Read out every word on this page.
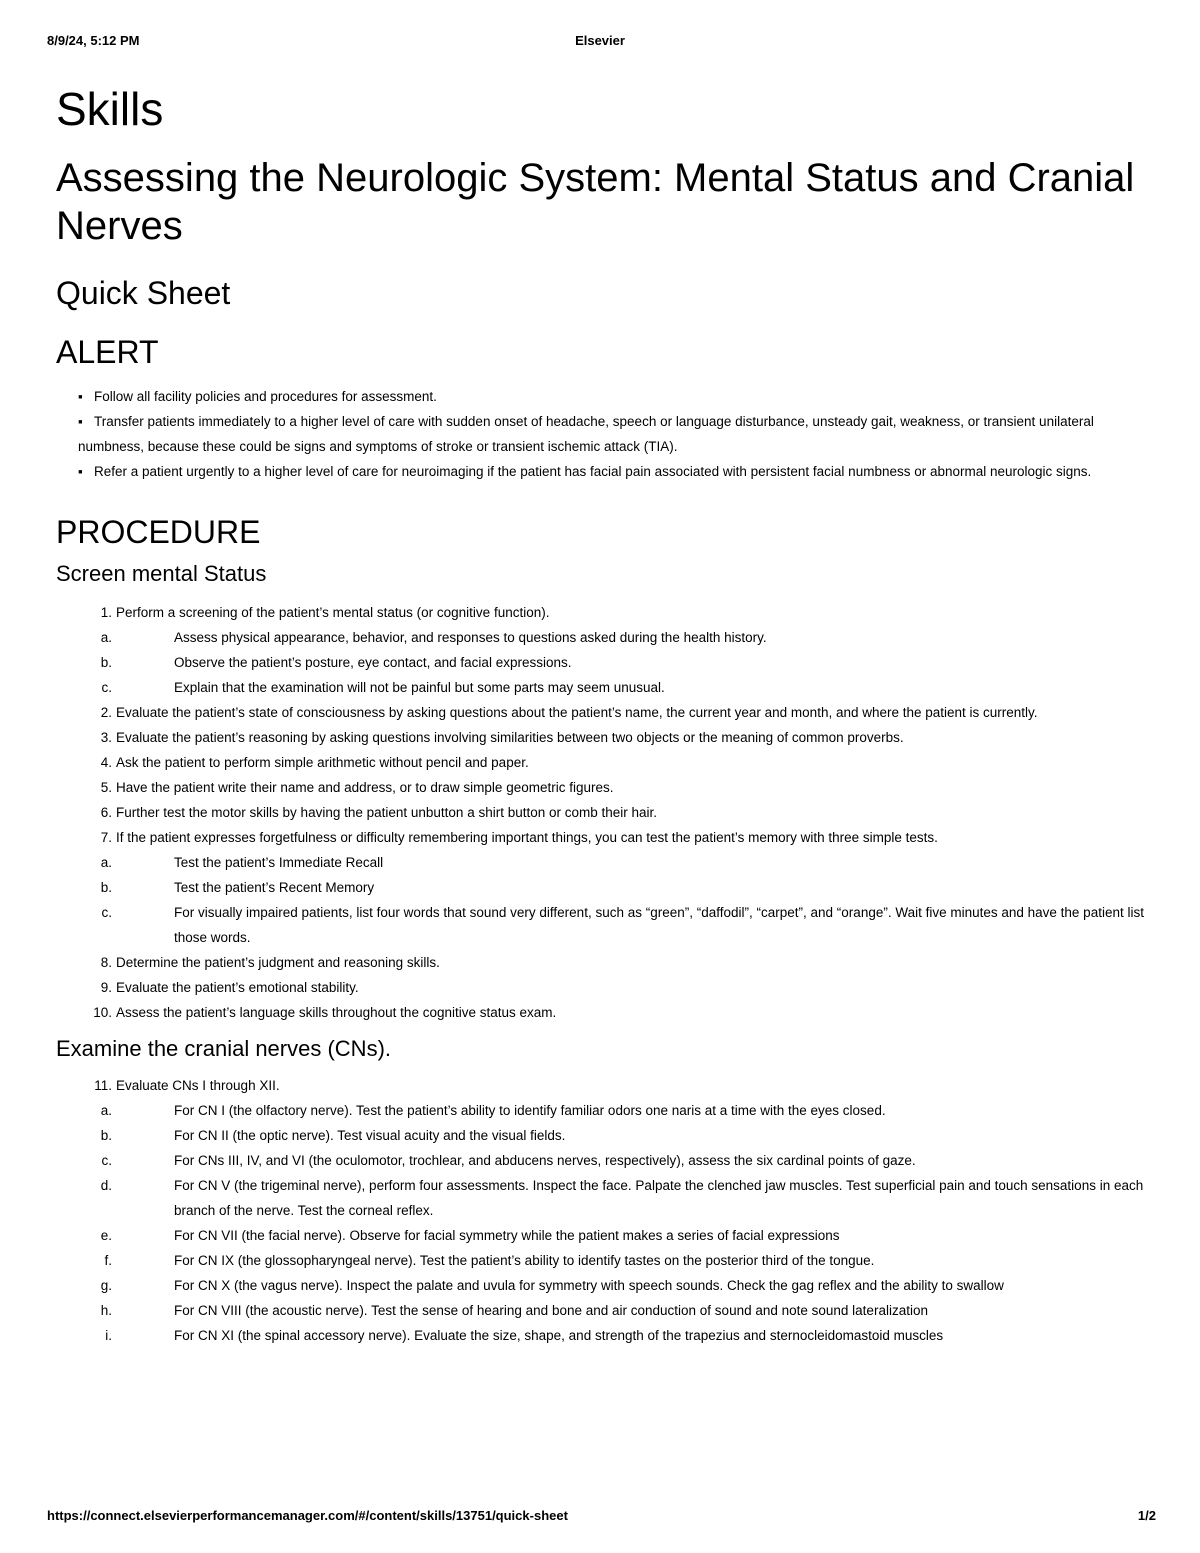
8/9/24, 5:12 PM	Elsevier
Skills
Assessing the Neurologic System: Mental Status and Cranial Nerves
Quick Sheet
ALERT
▪ Follow all facility policies and procedures for assessment.
▪ Transfer patients immediately to a higher level of care with sudden onset of headache, speech or language disturbance, unsteady gait, weakness, or transient unilateral numbness, because these could be signs and symptoms of stroke or transient ischemic attack (TIA).
▪ Refer a patient urgently to a higher level of care for neuroimaging if the patient has facial pain associated with persistent facial numbness or abnormal neurologic signs.
PROCEDURE
Screen mental Status
1. Perform a screening of the patient’s mental status (or cognitive function).
a.	Assess physical appearance, behavior, and responses to questions asked during the health history.
b.	Observe the patient’s posture, eye contact, and facial expressions.
c.	Explain that the examination will not be painful but some parts may seem unusual.
2. Evaluate the patient’s state of consciousness by asking questions about the patient’s name, the current year and month, and where the patient is currently.
3. Evaluate the patient’s reasoning by asking questions involving similarities between two objects or the meaning of common proverbs.
4. Ask the patient to perform simple arithmetic without pencil and paper.
5. Have the patient write their name and address, or to draw simple geometric figures.
6. Further test the motor skills by having the patient unbutton a shirt button or comb their hair.
7. If the patient expresses forgetfulness or difficulty remembering important things, you can test the patient’s memory with three simple tests.
a.	Test the patient’s Immediate Recall
b.	Test the patient’s Recent Memory
c.	For visually impaired patients, list four words that sound very different, such as “green”, “daffodil”, “carpet”, and “orange”. Wait five minutes and have the patient list those words.
8. Determine the patient’s judgment and reasoning skills.
9. Evaluate the patient’s emotional stability.
10. Assess the patient’s language skills throughout the cognitive status exam.
Examine the cranial nerves (CNs).
11. Evaluate CNs I through XII.
a.	For CN I (the olfactory nerve). Test the patient’s ability to identify familiar odors one naris at a time with the eyes closed.
b.	For CN II (the optic nerve). Test visual acuity and the visual fields.
c.	For CNs III, IV, and VI (the oculomotor, trochlear, and abducens nerves, respectively), assess the six cardinal points of gaze.
d.	For CN V (the trigeminal nerve), perform four assessments. Inspect the face. Palpate the clenched jaw muscles. Test superficial pain and touch sensations in each branch of the nerve. Test the corneal reflex.
e.	For CN VII (the facial nerve). Observe for facial symmetry while the patient makes a series of facial expressions
f.	For CN IX (the glossopharyngeal nerve). Test the patient’s ability to identify tastes on the posterior third of the tongue.
g.	For CN X (the vagus nerve). Inspect the palate and uvula for symmetry with speech sounds. Check the gag reflex and the ability to swallow
h.	For CN VIII (the acoustic nerve). Test the sense of hearing and bone and air conduction of sound and note sound lateralization
i.	For CN XI (the spinal accessory nerve). Evaluate the size, shape, and strength of the trapezius and sternocleidomastoid muscles
https://connect.elsevierperformancemanager.com/#/content/skills/13751/quick-sheet	1/2
